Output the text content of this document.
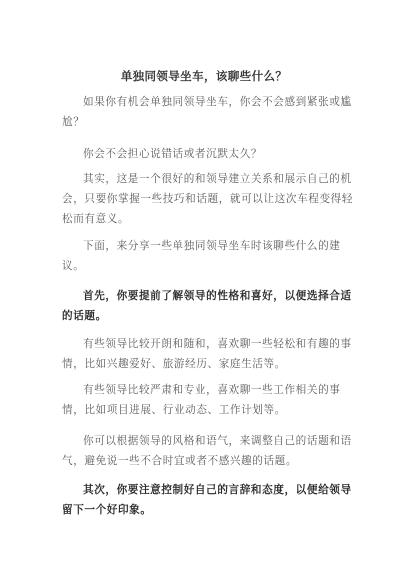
单独同领导坐车，该聊些什么？

如果你有机会单独同领导坐车，你会不会感到紧张或尴尬？

你会不会担心说错话或者沉默太久？

其实，这是一个很好的和领导建立关系和展示自己的机会，只要你掌握一些技巧和话题，就可以让这次车程变得轻松而有意义。

下面，来分享一些单独同领导坐车时该聊些什么的建议。

首先，你要提前了解领导的性格和喜好，以便选择合适的话题。

有些领导比较开朗和随和，喜欢聊一些轻松和有趣的事情，比如兴趣爱好、旅游经历、家庭生活等。

有些领导比较严肃和专业，喜欢聊一些工作相关的事情，比如项目进展、行业动态、工作计划等。

你可以根据领导的风格和语气，来调整自己的话题和语气，避免说一些不合时宜或者不感兴趣的话题。

其次，你要注意控制好自己的言辞和态度，以便给领导留下一个好印象。
